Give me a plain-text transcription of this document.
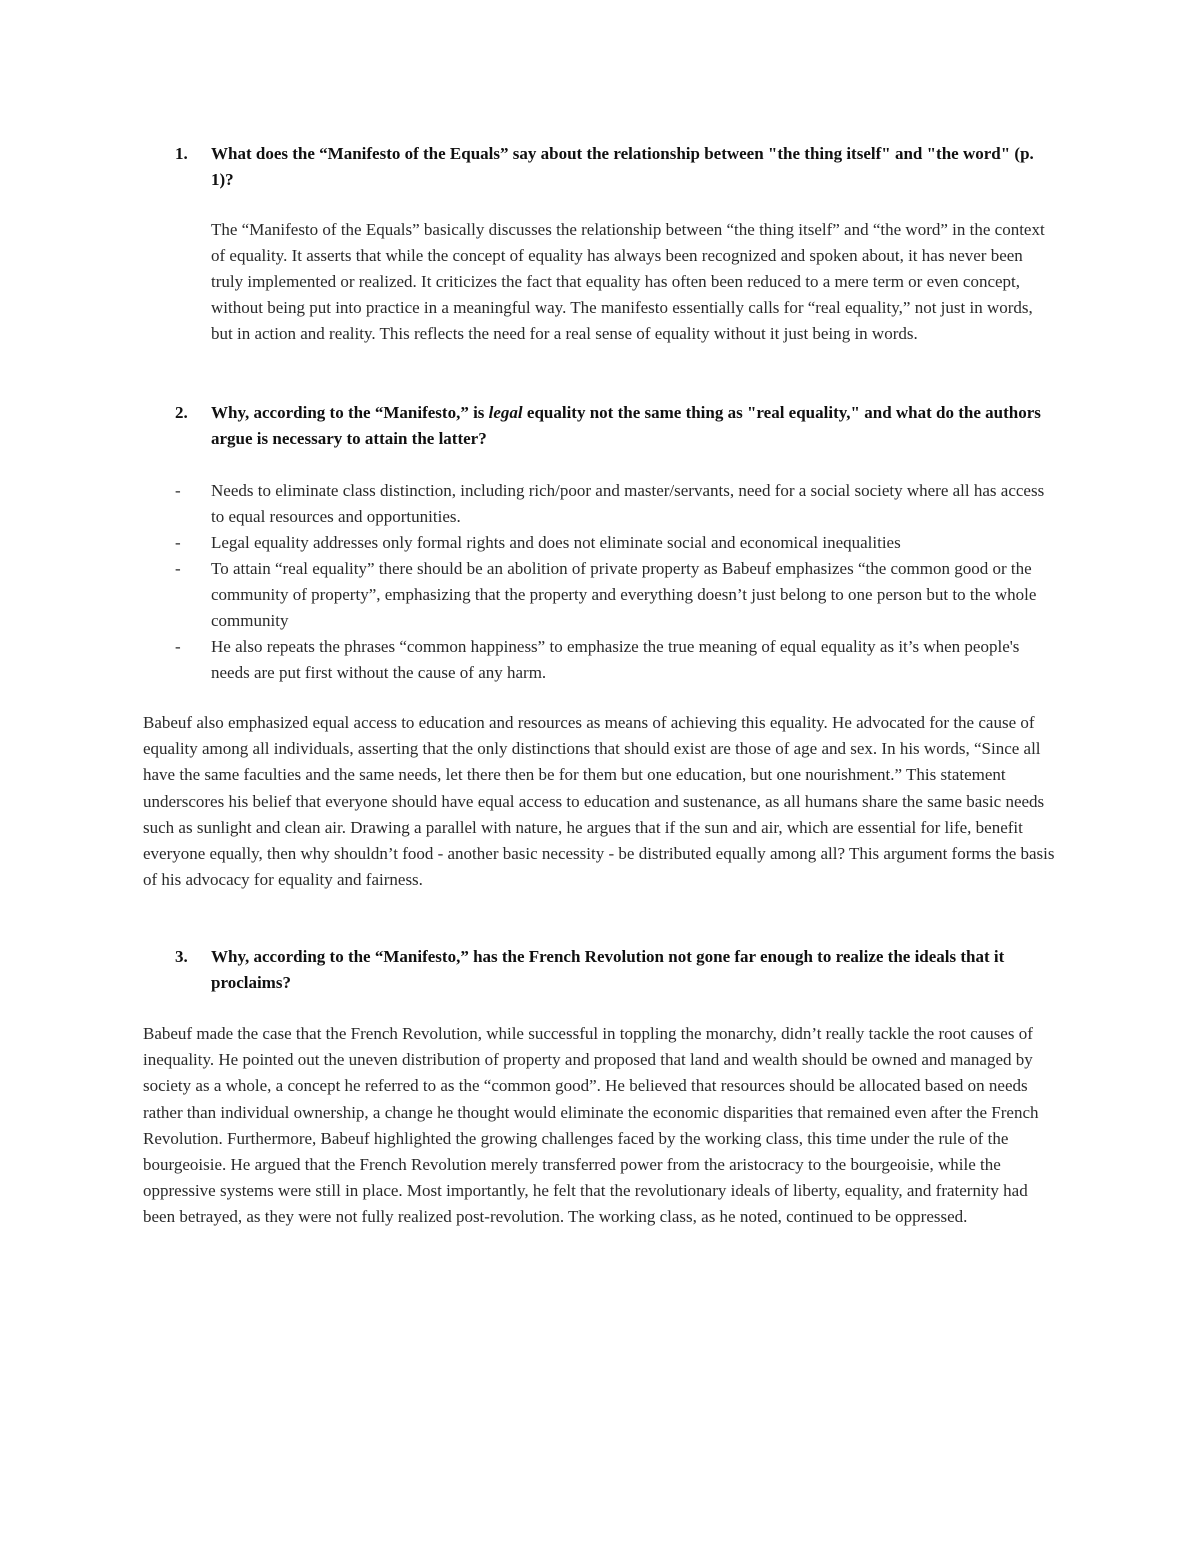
1.	What does the “Manifesto of the Equals” say about the relationship between "the thing itself" and "the word" (p. 1)?

The “Manifesto of the Equals” basically discusses the relationship between “the thing itself” and “the word” in the context of equality. It asserts that while the concept of equality has always been recognized and spoken about, it has never been truly implemented or realized. It criticizes the fact that equality has often been reduced to a mere term or even concept, without being put into practice in a meaningful way. The manifesto essentially calls for “real equality,” not just in words, but in action and reality. This reflects the need for a real sense of equality without it just being in words.

2.	Why, according to the “Manifesto,” is legal equality not the same thing as "real equality," and what do the authors argue is necessary to attain the latter?
- Needs to eliminate class distinction, including rich/poor and master/servants, need for a social society where all has access to equal resources and opportunities.
- Legal equality addresses only formal rights and does not eliminate social and economical inequalities
- To attain “real equality” there should be an abolition of private property as Babeuf emphasizes “the common good or the community of property”, emphasizing that the property and everything doesn’t just belong to one person but to the whole community
- He also repeats the phrases “common happiness” to emphasize the true meaning of equal equality as it’s when people's needs are put first without the cause of any harm.

Babeuf also emphasized equal access to education and resources as means of achieving this equality. He advocated for the cause of equality among all individuals, asserting that the only distinctions that should exist are those of age and sex. In his words, “Since all have the same faculties and the same needs, let there then be for them but one education, but one nourishment.” This statement underscores his belief that everyone should have equal access to education and sustenance, as all humans share the same basic needs such as sunlight and clean air. Drawing a parallel with nature, he argues that if the sun and air, which are essential for life, benefit everyone equally, then why shouldn’t food - another basic necessity - be distributed equally among all? This argument forms the basis of his advocacy for equality and fairness.

3.	Why, according to the “Manifesto,” has the French Revolution not gone far enough to realize the ideals that it proclaims?

Babeuf made the case that the French Revolution, while successful in toppling the monarchy, didn’t really tackle the root causes of inequality. He pointed out the uneven distribution of property and proposed that land and wealth should be owned and managed by society as a whole, a concept he referred to as the “common good”. He believed that resources should be allocated based on needs rather than individual ownership, a change he thought would eliminate the economic disparities that remained even after the French Revolution. Furthermore, Babeuf highlighted the growing challenges faced by the working class, this time under the rule of the bourgeoisie. He argued that the French Revolution merely transferred power from the aristocracy to the bourgeoisie, while the oppressive systems were still in place. Most importantly, he felt that the revolutionary ideals of liberty, equality, and fraternity had been betrayed, as they were not fully realized post-revolution. The working class, as he noted, continued to be oppressed.
